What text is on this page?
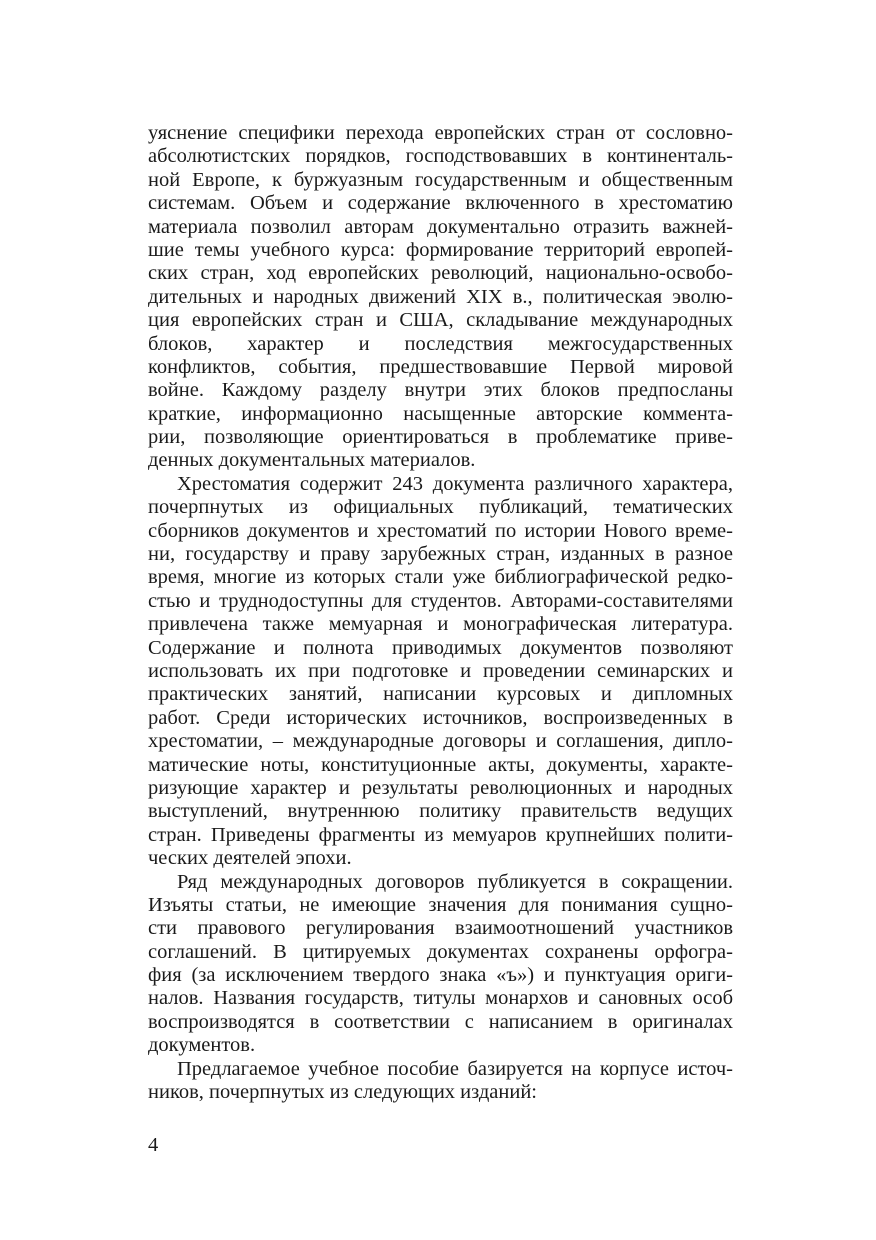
уяснение специфики перехода европейских стран от сословно-
абсолютистских порядков, господствовавших в континенталь-
ной Европе, к буржуазным государственным и общественным
системам. Объем и содержание включенного в хрестоматию
материала позволил авторам документально отразить важней-
шие темы учебного курса: формирование территорий европей-
ских стран, ход европейских революций, национально-освобо-
дительных и народных движений XIX в., политическая эволю-
ция европейских стран и США, складывание международных
блоков, характер и последствия межгосударственных
конфликтов, события, предшествовавшие Первой мировой
войне. Каждому разделу внутри этих блоков предпосланы
краткие, информационно насыщенные авторские коммента-
рии, позволяющие ориентироваться в проблематике приве-
денных документальных материалов.
Хрестоматия содержит 243 документа различного характера,
почерпнутых из официальных публикаций, тематических
сборников документов и хрестоматий по истории Нового време-
ни, государству и праву зарубежных стран, изданных в разное
время, многие из которых стали уже библиографической редко-
стью и труднодоступны для студентов. Авторами-составителями
привлечена также мемуарная и монографическая литература.
Содержание и полнота приводимых документов позволяют
использовать их при подготовке и проведении семинарских и
практических занятий, написании курсовых и дипломных
работ. Среди исторических источников, воспроизведенных в
хрестоматии, – международные договоры и соглашения, дипло-
матические ноты, конституционные акты, документы, характе-
ризующие характер и результаты революционных и народных
выступлений, внутреннюю политику правительств ведущих
стран. Приведены фрагменты из мемуаров крупнейших полити-
ческих деятелей эпохи.
Ряд международных договоров публикуется в сокращении.
Изъяты статьи, не имеющие значения для понимания сущно-
сти правового регулирования взаимоотношений участников
соглашений. В цитируемых документах сохранены орфогра-
фия (за исключением твердого знака «ъ») и пунктуация ориги-
налов. Названия государств, титулы монархов и сановных особ
воспроизводятся в соответствии с написанием в оригиналах
документов.
Предлагаемое учебное пособие базируется на корпусе источ-
ников, почерпнутых из следующих изданий:
4
